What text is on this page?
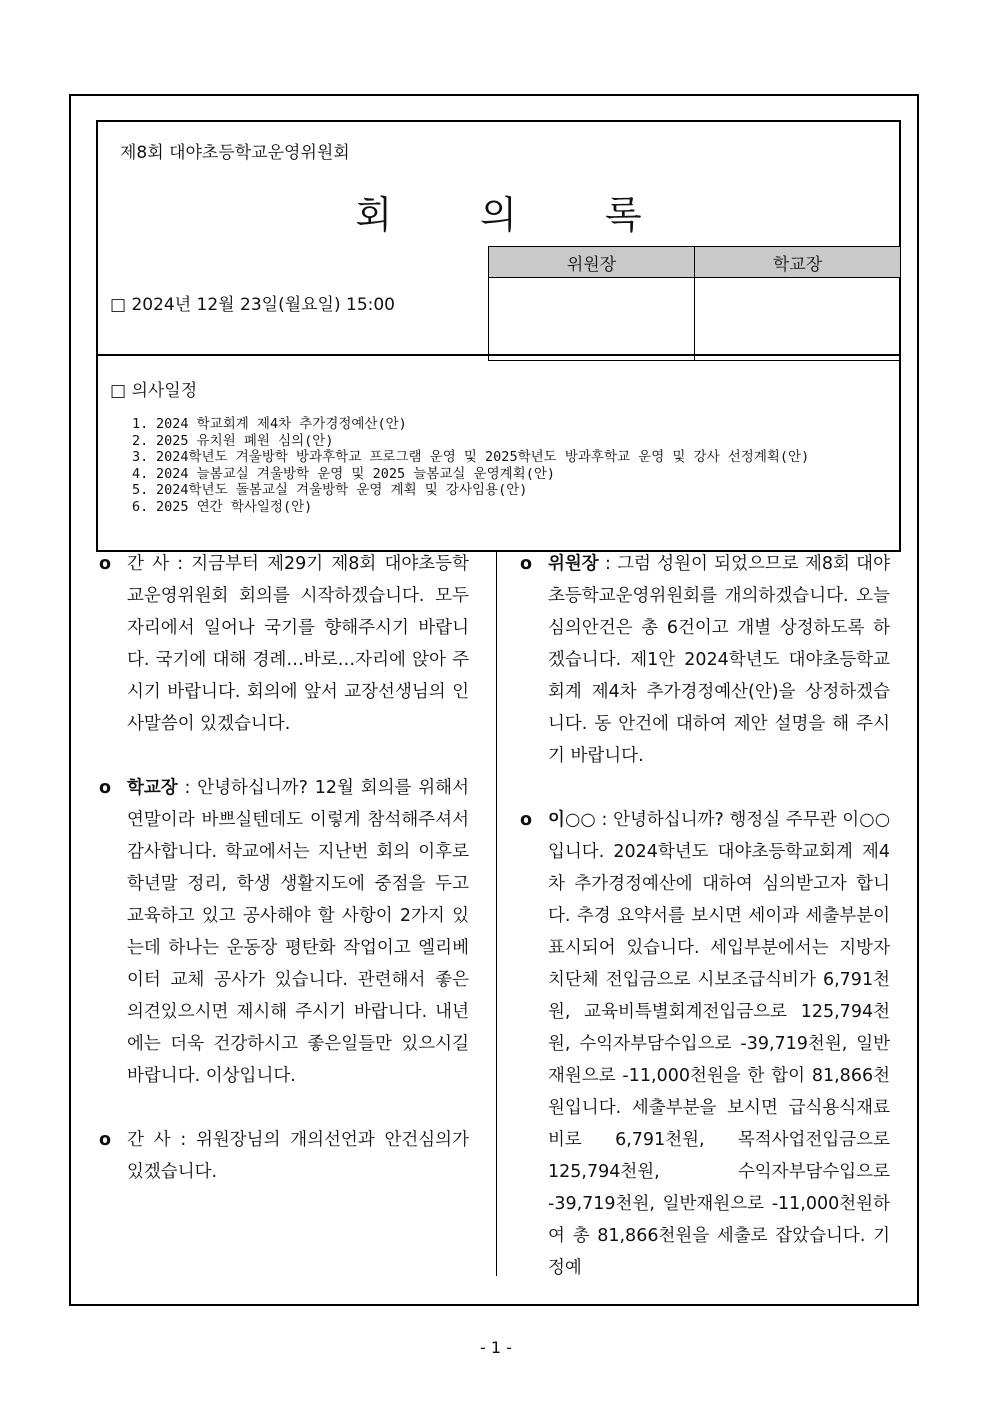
제8회 대야초등학교운영위원회
회 의 록
위원장	학교장

□ 2024년 12월 23일(월요일) 15:00
□ 의사일정
1. 2024 학교회계 제4차 추가경정예산(안)
2. 2025 유치원 폐원 심의(안)
3. 2024학년도 겨울방학 방과후학교 프로그램 운영 및 2025학년도 방과후학교 운영 및 강사 선정계획(안)
4. 2024 늘봄교실 겨울방학 운영 및 2025 늘봄교실 운영계획(안)
5. 2024학년도 돌봄교실 겨울방학 운영 계획 및 강사임용(안)
6. 2025 연간 학사일정(안)
o 간 사 : 지금부터 제29기 제8회 대야초등학교운영위원회 회의를 시작하겠습니다. 모두 자리에서 일어나 국기를 향해주시기 바랍니다. 국기에 대해 경례…바로…자리에 앉아 주시기 바랍니다. 회의에 앞서 교장선생님의 인사말씀이 있겠습니다.
o 학교장 : 안녕하십니까? 12월 회의를 위해서 연말이라 바쁘실텐데도 이렇게 참석해주셔서 감사합니다. 학교에서는 지난번 회의 이후로 학년말 정리, 학생 생활지도에 중점을 두고 교육하고 있고 공사해야 할 사항이 2가지 있는데 하나는 운동장 평탄화 작업이고 엘리베이터 교체 공사가 있습니다. 관련해서 좋은 의견있으시면 제시해 주시기 바랍니다. 내년에는 더욱 건강하시고 좋은일들만 있으시길 바랍니다. 이상입니다.
o 간 사 : 위원장님의 개의선언과 안건심의가 있겠습니다.
o 위원장 : 그럼 성원이 되었으므로 제8회 대야초등학교운영위원회를 개의하겠습니다. 오늘 심의안건은 총 6건이고 개별 상정하도록 하겠습니다. 제1안 2024학년도 대야초등학교회계 제4차 추가경정예산(안)을 상정하겠습니다. 동 안건에 대하여 제안 설명을 해 주시기 바랍니다.
o 이○○ : 안녕하십니까? 행정실 주무관 이○○입니다. 2024학년도 대야초등학교회계 제4차 추가경정예산에 대하여 심의받고자 합니다. 추경 요약서를 보시면 세이과 세출부분이 표시되어 있습니다. 세입부분에서는 지방자치단체 전입금으로 시보조급식비가 6,791천원, 교육비특별회계전입금으로 125,794천원, 수익자부담수입으로 -39,719천원, 일반재원으로 -11,000천원을 한 합이 81,866천원입니다. 세출부분을 보시면 급식용식재료비로 6,791천원, 목적사업전입금으로 125,794천원, 수익자부담수입으로 -39,719천원, 일반재원으로 -11,000천원하여 총 81,866천원을 세출로 잡았습니다. 기정예
- 1 -
